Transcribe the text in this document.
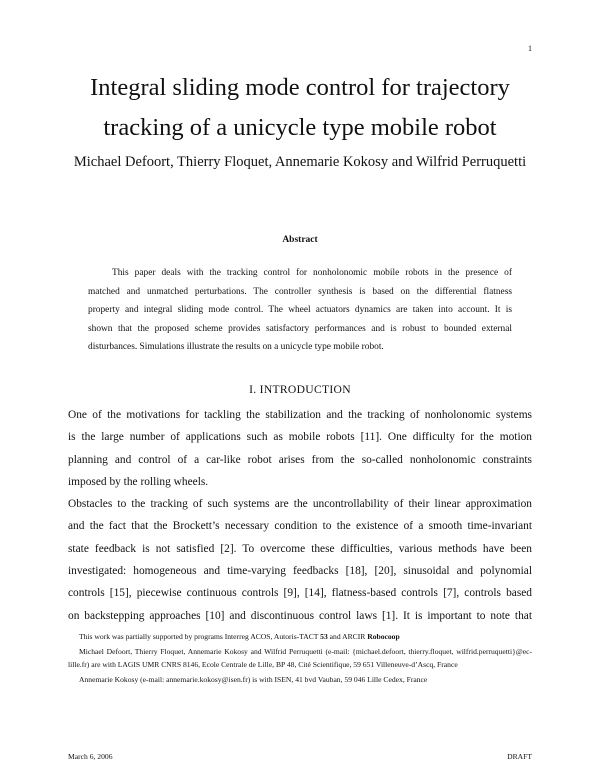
1
Integral sliding mode control for trajectory
tracking of a unicycle type mobile robot
Michael Defoort, Thierry Floquet, Annemarie Kokosy and Wilfrid Perruquetti
Abstract
This paper deals with the tracking control for nonholonomic mobile robots in the presence of
matched and unmatched perturbations. The controller synthesis is based on the differential flatness
property and integral sliding mode control. The wheel actuators dynamics are taken into account. It is
shown that the proposed scheme provides satisfactory performances and is robust to bounded external
disturbances. Simulations illustrate the results on a unicycle type mobile robot.
I. INTRODUCTION
One of the motivations for tackling the stabilization and the tracking of nonholonomic systems
is the large number of applications such as mobile robots [11]. One difficulty for the motion
planning and control of a car-like robot arises from the so-called nonholonomic constraints
imposed by the rolling wheels.
Obstacles to the tracking of such systems are the uncontrollability of their linear approximation
and the fact that the Brockett’s necessary condition to the existence of a smooth time-invariant
state feedback is not satisfied [2]. To overcome these difficulties, various methods have been
investigated: homogeneous and time-varying feedbacks [18], [20], sinusoidal and polynomial
controls [15], piecewise continuous controls [9], [14], flatness-based controls [7], controls based
on backstepping approaches [10] and discontinuous control laws [1]. It is important to note that

This work was partially supported by programs Interreg ACOS, Autoris-TACT 53 and ARCIR Robocoop

Michael Defoort, Thierry Floquet, Annemarie Kokosy and Wilfrid Perruquetti (e-mail: {michael.defoort, thierry.floquet, wilfrid.perruquetti}@ec-lille.fr) are with LAGIS UMR CNRS 8146, Ecole Centrale de Lille, BP 48, Cité Scientifique, 59 651 Villeneuve-d’Ascq, France

Annemarie Kokosy (e-mail: annemarie.kokosy@isen.fr) is with ISEN, 41 bvd Vauban, 59 046 Lille Cedex, France

March 6, 2006	DRAFT
